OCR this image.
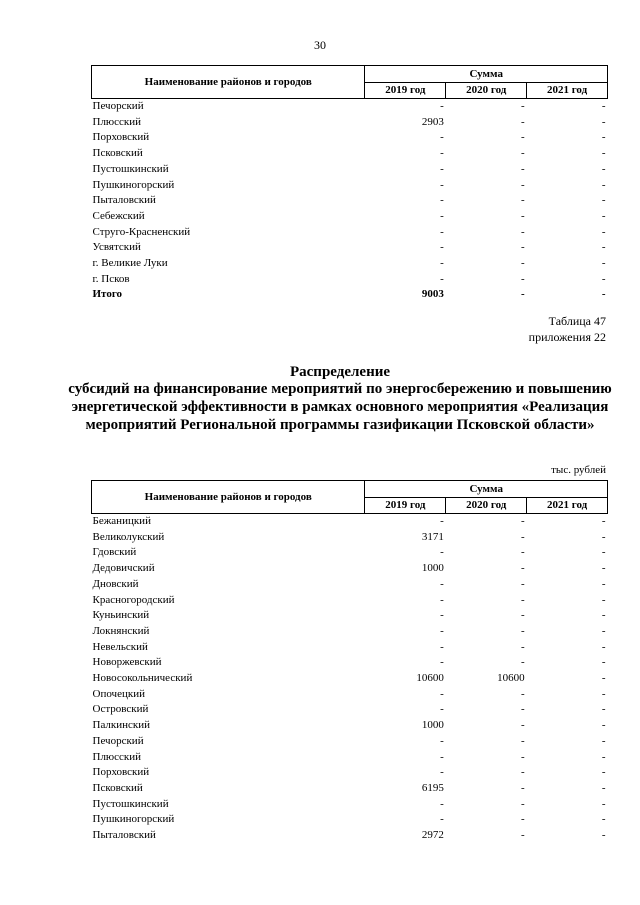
30
Наименование районов и городов	Сумма		
	2019 год	2020 год	2021 год
Печорский	-	-	-
Плюсский	2903	-	-
Порховский	-	-	-
Псковский	-	-	-
Пустошкинский	-	-	-
Пушкиногорский	-	-	-
Пыталовский	-	-	-
Себежский	-	-	-
Струго-Красненский	-	-	-
Усвятский	-	-	-
г. Великие Луки	-	-	-
г. Псков	-	-	-
Итого	9003	-	-
Таблица 47
приложения 22
Распределение
субсидий на финансирование мероприятий по энергосбережению и повышению энергетической эффективности в рамках основного мероприятия «Реализация мероприятий Региональной программы газификации Псковской области»
тыс. рублей
Наименование районов и городов	Сумма		
	2019 год	2020 год	2021 год
Бежаницкий	-	-	-
Великолукский	3171	-	-
Гдовский	-	-	-
Дедовичский	1000	-	-
Дновский	-	-	-
Красногородский	-	-	-
Куньинский	-	-	-
Локнянский	-	-	-
Невельский	-	-	-
Новоржевский	-	-	-
Новосокольнический	10600	10600	-
Опочецкий	-	-	-
Островский	-	-	-
Палкинский	1000	-	-
Печорский	-	-	-
Плюсский	-	-	-
Порховский	-	-	-
Псковский	6195	-	-
Пустошкинский	-	-	-
Пушкиногорский	-	-	-
Пыталовский	2972	-	-
